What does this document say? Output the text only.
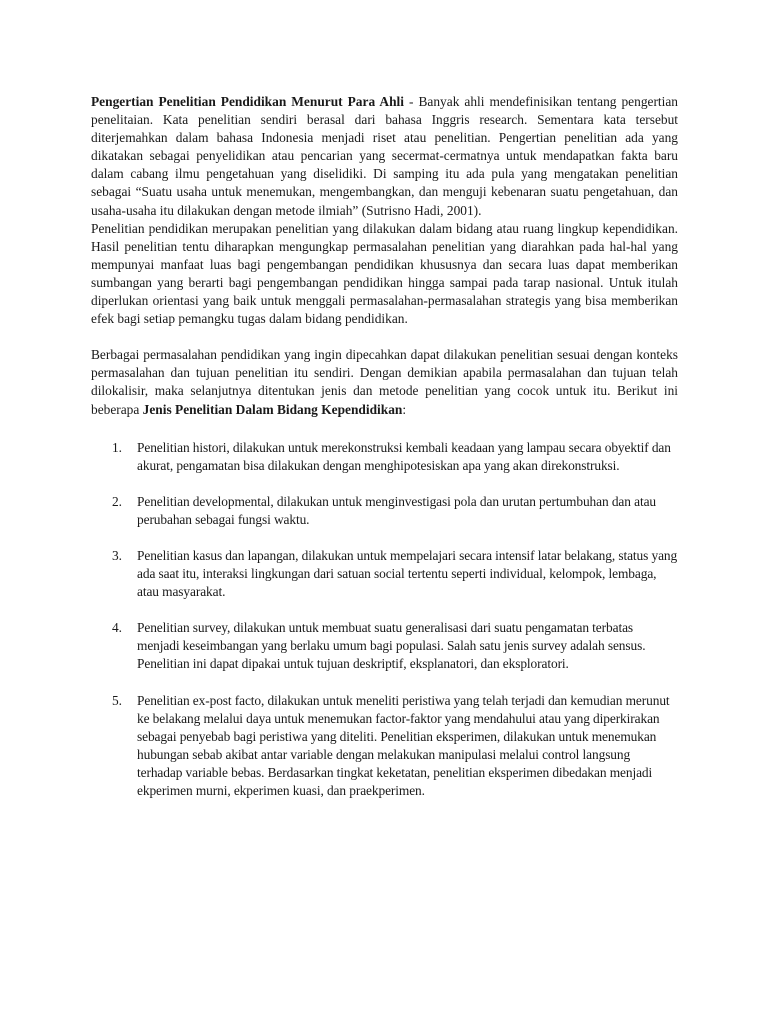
Pengertian Penelitian Pendidikan Menurut Para Ahli - Banyak ahli mendefinisikan tentang pengertian penelitaian. Kata penelitian sendiri berasal dari bahasa Inggris research. Sementara kata tersebut diterjemahkan dalam bahasa Indonesia menjadi riset atau penelitian. Pengertian penelitian ada yang dikatakan sebagai penyelidikan atau pencarian yang secermat-cermatnya untuk mendapatkan fakta baru dalam cabang ilmu pengetahuan yang diselidiki. Di samping itu ada pula yang mengatakan penelitian sebagai “Suatu usaha untuk menemukan, mengembangkan, dan menguji kebenaran suatu pengetahuan, dan usaha-usaha itu dilakukan dengan metode ilmiah” (Sutrisno Hadi, 2001).

Penelitian pendidikan merupakan penelitian yang dilakukan dalam bidang atau ruang lingkup kependidikan. Hasil penelitian tentu diharapkan mengungkap permasalahan penelitian yang diarahkan pada hal-hal yang mempunyai manfaat luas bagi pengembangan pendidikan khususnya dan secara luas dapat memberikan sumbangan yang berarti bagi pengembangan pendidikan hingga sampai pada tarap nasional. Untuk itulah diperlukan orientasi yang baik untuk menggali permasalahan-permasalahan strategis yang bisa memberikan efek bagi setiap pemangku tugas dalam bidang pendidikan.

Berbagai permasalahan pendidikan yang ingin dipecahkan dapat dilakukan penelitian sesuai dengan konteks permasalahan dan tujuan penelitian itu sendiri. Dengan demikian apabila permasalahan dan tujuan telah dilokalisir, maka selanjutnya ditentukan jenis dan metode penelitian yang cocok untuk itu. Berikut ini beberapa Jenis Penelitian Dalam Bidang Kependidikan:

1. Penelitian histori, dilakukan untuk merekonstruksi kembali keadaan yang lampau secara obyektif dan akurat, pengamatan bisa dilakukan dengan menghipotesiskan apa yang akan direkonstruksi.
2. Penelitian developmental, dilakukan untuk menginvestigasi pola dan urutan pertumbuhan dan atau perubahan sebagai fungsi waktu.
3. Penelitian kasus dan lapangan, dilakukan untuk mempelajari secara intensif latar belakang, status yang ada saat itu, interaksi lingkungan dari satuan social tertentu seperti individual, kelompok, lembaga, atau masyarakat.
4. Penelitian survey, dilakukan untuk membuat suatu generalisasi dari suatu pengamatan terbatas menjadi keseimbangan yang berlaku umum bagi populasi. Salah satu jenis survey adalah sensus. Penelitian ini dapat dipakai untuk tujuan deskriptif, eksplanatori, dan eksploratori.
5. Penelitian ex-post facto, dilakukan untuk meneliti peristiwa yang telah terjadi dan kemudian merunut ke belakang melalui daya untuk menemukan factor-faktor yang mendahului atau yang diperkirakan sebagai penyebab bagi peristiwa yang diteliti. Penelitian eksperimen, dilakukan untuk menemukan hubungan sebab akibat antar variable dengan melakukan manipulasi melalui control langsung terhadap variable bebas. Berdasarkan tingkat keketatan, penelitian eksperimen dibedakan menjadi ekperimen murni, ekperimen kuasi, dan praekperimen.
